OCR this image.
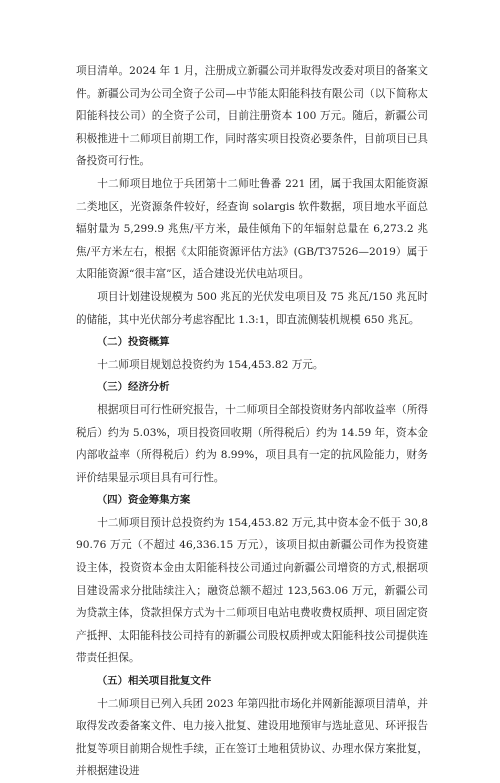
项目清单。2024 年 1 月，注册成立新疆公司并取得发改委对项目的备案文件。新疆公司为公司全资子公司—中节能太阳能科技有限公司（以下简称太阳能科技公司）的全资子公司，目前注册资本 100 万元。随后，新疆公司积极推进十二师项目前期工作，同时落实项目投资必要条件，目前项目已具备投资可行性。

十二师项目地位于兵团第十二师吐鲁番 221 团，属于我国太阳能资源二类地区，光资源条件较好，经查询 solargis 软件数据，项目地水平面总辐射量为 5,299.9 兆焦/平方米，最佳倾角下的年辐射总量在 6,273.2 兆焦/平方米左右，根据《太阳能资源评估方法》(GB/T37526—2019）属于太阳能资源“很丰富”区，适合建设光伏电站项目。

项目计划建设规模为 500 兆瓦的光伏发电项目及 75 兆瓦/150 兆瓦时的储能，其中光伏部分考虑容配比 1.3:1，即直流侧装机规模 650 兆瓦。

（二）投资概算

十二师项目规划总投资约为 154,453.82 万元。

（三）经济分析

根据项目可行性研究报告，十二师项目全部投资财务内部收益率（所得税后）约为 5.03%，项目投资回收期（所得税后）约为 14.59 年，资本金内部收益率（所得税后）约为 8.99%，项目具有一定的抗风险能力，财务评价结果显示项目具有可行性。

（四）资金筹集方案

十二师项目预计总投资约为 154,453.82 万元,其中资本金不低于 30,890.76 万元（不超过 46,336.15 万元），该项目拟由新疆公司作为投资建设主体，投资资本金由太阳能科技公司通过向新疆公司增资的方式,根据项目建设需求分批陆续注入；融资总额不超过 123,563.06 万元，新疆公司为贷款主体，贷款担保方式为十二师项目电站电费收费权质押、项目固定资产抵押、太阳能科技公司持有的新疆公司股权质押或太阳能科技公司提供连带责任担保。

（五）相关项目批复文件

十二师项目已列入兵团 2023 年第四批市场化并网新能源项目清单，并取得发改委备案文件、电力接入批复、建设用地预审与选址意见、环评报告批复等项目前期合规性手续，正在签订土地租赁协议、办理水保方案批复，并根据建设进
